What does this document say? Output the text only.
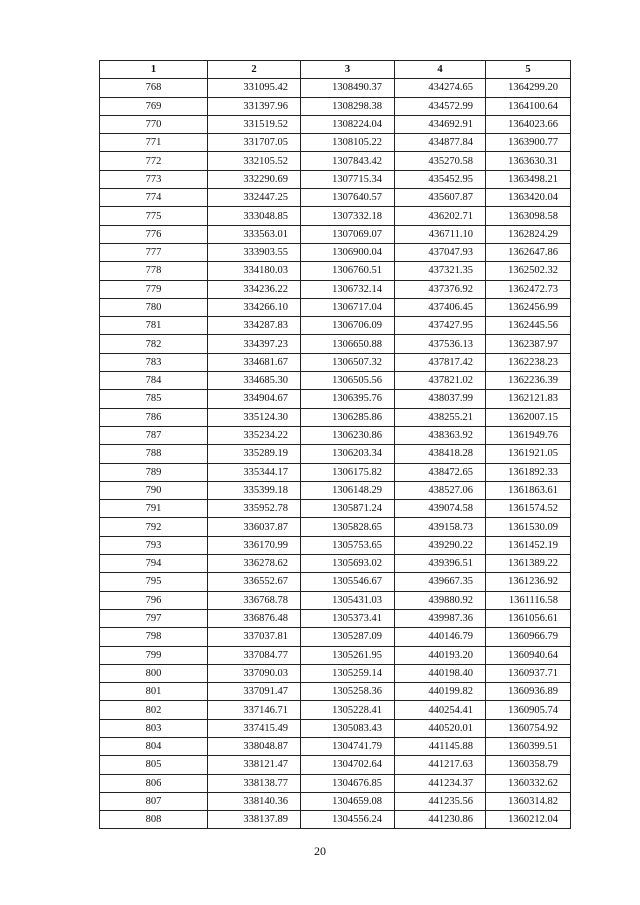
1	2	3	4	5
768	331095.42	1308490.37	434274.65	1364299.20
769	331397.96	1308298.38	434572.99	1364100.64
770	331519.52	1308224.04	434692.91	1364023.66
771	331707.05	1308105.22	434877.84	1363900.77
772	332105.52	1307843.42	435270.58	1363630.31
773	332290.69	1307715.34	435452.95	1363498.21
774	332447.25	1307640.57	435607.87	1363420.04
775	333048.85	1307332.18	436202.71	1363098.58
776	333563.01	1307069.07	436711.10	1362824.29
777	333903.55	1306900.04	437047.93	1362647.86
778	334180.03	1306760.51	437321.35	1362502.32
779	334236.22	1306732.14	437376.92	1362472.73
780	334266.10	1306717.04	437406.45	1362456.99
781	334287.83	1306706.09	437427.95	1362445.56
782	334397.23	1306650.88	437536.13	1362387.97
783	334681.67	1306507.32	437817.42	1362238.23
784	334685.30	1306505.56	437821.02	1362236.39
785	334904.67	1306395.76	438037.99	1362121.83
786	335124.30	1306285.86	438255.21	1362007.15
787	335234.22	1306230.86	438363.92	1361949.76
788	335289.19	1306203.34	438418.28	1361921.05
789	335344.17	1306175.82	438472.65	1361892.33
790	335399.18	1306148.29	438527.06	1361863.61
791	335952.78	1305871.24	439074.58	1361574.52
792	336037.87	1305828.65	439158.73	1361530.09
793	336170.99	1305753.65	439290.22	1361452.19
794	336278.62	1305693.02	439396.51	1361389.22
795	336552.67	1305546.67	439667.35	1361236.92
796	336768.78	1305431.03	439880.92	1361116.58
797	336876.48	1305373.41	439987.36	1361056.61
798	337037.81	1305287.09	440146.79	1360966.79
799	337084.77	1305261.95	440193.20	1360940.64
800	337090.03	1305259.14	440198.40	1360937.71
801	337091.47	1305258.36	440199.82	1360936.89
802	337146.71	1305228.41	440254.41	1360905.74
803	337415.49	1305083.43	440520.01	1360754.92
804	338048.87	1304741.79	441145.88	1360399.51
805	338121.47	1304702.64	441217.63	1360358.79
806	338138.77	1304676.85	441234.37	1360332.62
807	338140.36	1304659.08	441235.56	1360314.82
808	338137.89	1304556.24	441230.86	1360212.04
20
